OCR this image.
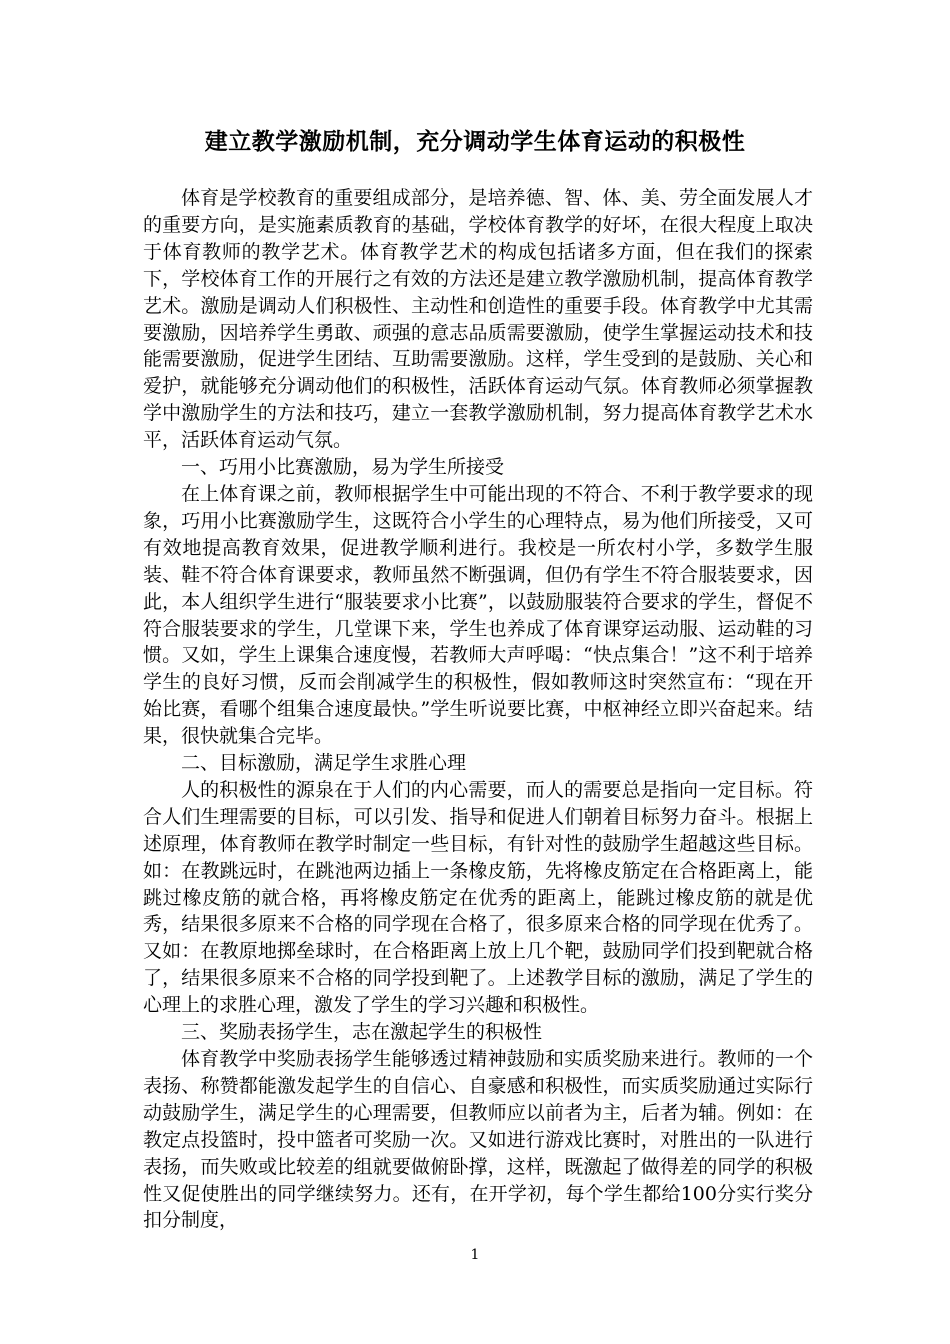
建立教学激励机制，充分调动学生体育运动的积极性

体育是学校教育的重要组成部分，是培养德、智、体、美、劳全面发展人才的重要方向，是实施素质教育的基础，学校体育教学的好坏，在很大程度上取决于体育教师的教学艺术。体育教学艺术的构成包括诸多方面，但在我们的探索下，学校体育工作的开展行之有效的方法还是建立教学激励机制，提高体育教学艺术。激励是调动人们积极性、主动性和创造性的重要手段。体育教学中尤其需要激励，因培养学生勇敢、顽强的意志品质需要激励，使学生掌握运动技术和技能需要激励，促进学生团结、互助需要激励。这样，学生受到的是鼓励、关心和爱护，就能够充分调动他们的积极性，活跃体育运动气氛。体育教师必须掌握教学中激励学生的方法和技巧，建立一套教学激励机制，努力提高体育教学艺术水平，活跃体育运动气氛。

一、巧用小比赛激励，易为学生所接受

在上体育课之前，教师根据学生中可能出现的不符合、不利于教学要求的现象，巧用小比赛激励学生，这既符合小学生的心理特点，易为他们所接受，又可有效地提高教育效果，促进教学顺利进行。我校是一所农村小学，多数学生服装、鞋不符合体育课要求，教师虽然不断强调，但仍有学生不符合服装要求，因此，本人组织学生进行“服装要求小比赛”，以鼓励服装符合要求的学生，督促不符合服装要求的学生，几堂课下来，学生也养成了体育课穿运动服、运动鞋的习惯。又如，学生上课集合速度慢，若教师大声呼喝：“快点集合！”这不利于培养学生的良好习惯，反而会削减学生的积极性，假如教师这时突然宣布：“现在开始比赛，看哪个组集合速度最快。”学生听说要比赛，中枢神经立即兴奋起来。结果，很快就集合完毕。

二、目标激励，满足学生求胜心理

人的积极性的源泉在于人们的内心需要，而人的需要总是指向一定目标。符合人们生理需要的目标，可以引发、指导和促进人们朝着目标努力奋斗。根据上述原理，体育教师在教学时制定一些目标，有针对性的鼓励学生超越这些目标。如：在教跳远时，在跳池两边插上一条橡皮筋，先将橡皮筋定在合格距离上，能跳过橡皮筋的就合格，再将橡皮筋定在优秀的距离上，能跳过橡皮筋的就是优秀，结果很多原来不合格的同学现在合格了，很多原来合格的同学现在优秀了。又如：在教原地掷垒球时，在合格距离上放上几个靶，鼓励同学们投到靶就合格了，结果很多原来不合格的同学投到靶了。上述教学目标的激励，满足了学生的心理上的求胜心理，激发了学生的学习兴趣和积极性。

三、奖励表扬学生，志在激起学生的积极性

体育教学中奖励表扬学生能够透过精神鼓励和实质奖励来进行。教师的一个表扬、称赞都能激发起学生的自信心、自豪感和积极性，而实质奖励通过实际行动鼓励学生，满足学生的心理需要，但教师应以前者为主，后者为辅。例如：在教定点投篮时，投中篮者可奖励一次。又如进行游戏比赛时，对胜出的一队进行表扬，而失败或比较差的组就要做俯卧撑，这样，既激起了做得差的同学的积极性又促使胜出的同学继续努力。还有，在开学初，每个学生都给100分实行奖分扣分制度，

1
